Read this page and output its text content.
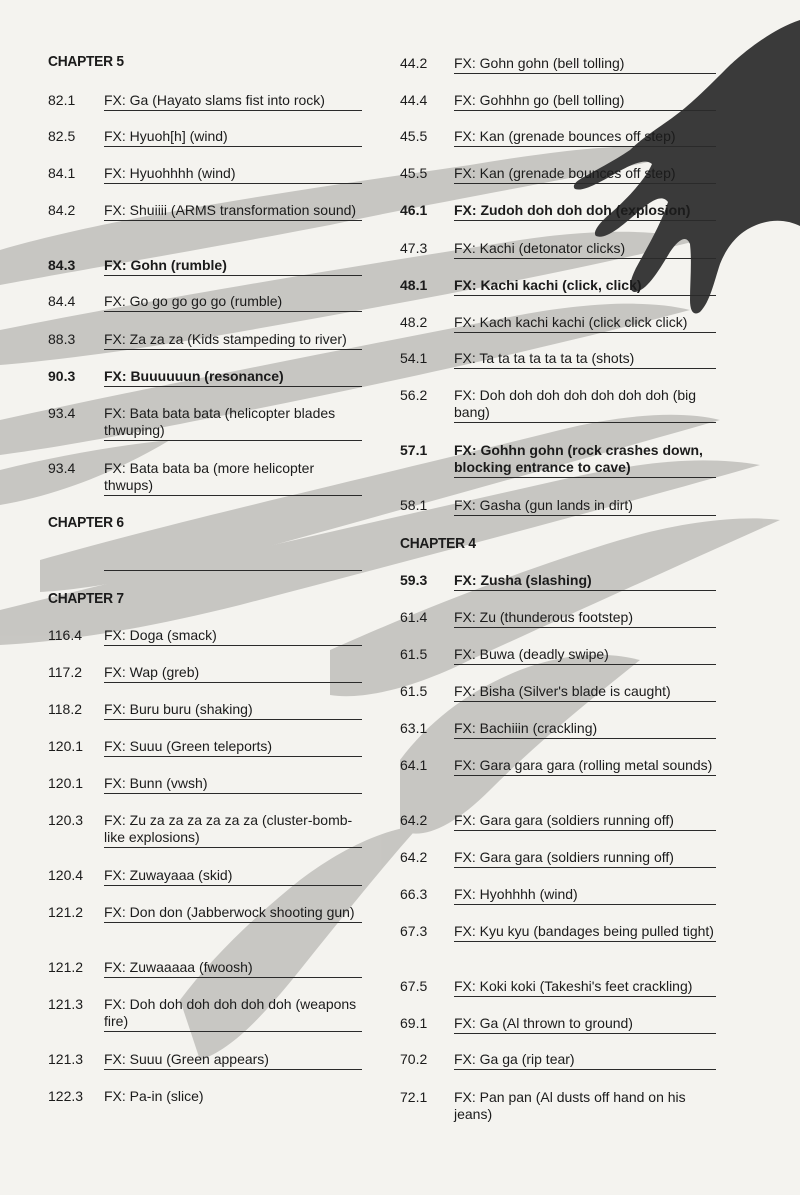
CHAPTER 5
82.1 FX: Ga (Hayato slams fist into rock)
82.5 FX: Hyuoh[h] (wind)
84.1 FX: Hyuohhhh (wind)
84.2 FX: Shuiiii (ARMS transformation sound)
84.3 FX: Gohn (rumble)
84.4 FX: Go go go go go (rumble)
88.3 FX: Za za za (Kids stampeding to river)
90.3 FX: Buuuuuun (resonance)
93.4 FX: Bata bata bata (helicopter blades thwuping)
93.4 FX: Bata bata ba (more helicopter thwups)
CHAPTER 6
CHAPTER 7
116.4 FX: Doga (smack)
117.2 FX: Wap (greb)
118.2 FX: Buru buru (shaking)
120.1 FX: Suuu (Green teleports)
120.1 FX: Bunn (vwsh)
120.3 FX: Zu za za za za za za (cluster-bomb-like explosions)
120.4 FX: Zuwayaaa (skid)
121.2 FX: Don don (Jabberwock shooting gun)
121.2 FX: Zuwaaaaa (fwoosh)
121.3 FX: Doh doh doh doh doh doh (weapons fire)
121.3 FX: Suuu (Green appears)
122.3 FX: Pa-in (slice)
44.2 FX: Gohn gohn (bell tolling)
44.4 FX: Gohhhn go (bell tolling)
45.5 FX: Kan (grenade bounces off step)
45.5 FX: Kan (grenade bounces off step)
46.1 FX: Zudoh doh doh doh (explosion)
47.3 FX: Kachi (detonator clicks)
48.1 FX: Kachi kachi (click, click)
48.2 FX: Kach kachi kachi (click click click)
54.1 FX: Ta ta ta ta ta ta ta (shots)
56.2 FX: Doh doh doh doh doh doh doh (big bang)
57.1 FX: Gohhn gohn (rock crashes down, blocking entrance to cave)
58.1 FX: Gasha (gun lands in dirt)
CHAPTER 4
59.3 FX: Zusha (slashing)
61.4 FX: Zu (thunderous footstep)
61.5 FX: Buwa (deadly swipe)
61.5 FX: Bisha (Silver's blade is caught)
63.1 FX: Bachiiin (crackling)
64.1 FX: Gara gara gara (rolling metal sounds)
64.2 FX: Gara gara (soldiers running off)
64.2 FX: Gara gara (soldiers running off)
66.3 FX: Hyohhhh (wind)
67.3 FX: Kyu kyu (bandages being pulled tight)
67.5 FX: Koki koki (Takeshi's feet crackling)
69.1 FX: Ga (Al thrown to ground)
70.2 FX: Ga ga (rip tear)
72.1 FX: Pan pan (Al dusts off hand on his jeans)
